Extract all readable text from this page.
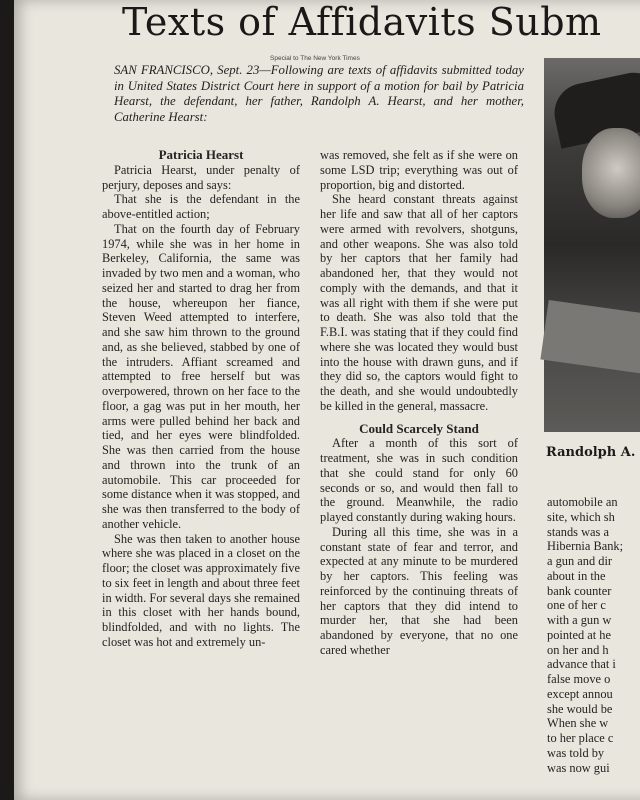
Texts of Affidavits Subm
Special to The New York Times
SAN FRANCISCO, Sept. 23—Following are texts of affidavits submitted today in United States District Court here in support of a motion for bail by Patricia Hearst, the defendant, her father, Randolph A. Hearst, and her mother, Catherine Hearst:

Patricia Hearst

Patricia Hearst, under penalty of perjury, deposes and says:

That she is the defendant in the above-entitled action;

That on the fourth day of February 1974, while she was in her home in Berkeley, California, the same was invaded by two men and a woman, who seized her and started to drag her from the house, whereupon her fiance, Steven Weed attempted to interfere, and she saw him thrown to the ground and, as she believed, stabbed by one of the intruders. Affiant screamed and attempted to free herself but was overpowered, thrown on her face to the floor, a gag was put in her mouth, her arms were pulled behind her back and tied, and her eyes were blindfolded. She was then carried from the house and thrown into the trunk of an automobile. This car proceeded for some distance when it was stopped, and she was then transferred to the body of another vehicle.

She was then taken to another house where she was placed in a closet on the floor; the closet was approximately five to six feet in length and about three feet in width. For several days she remained in this closet with her hands bound, blindfolded, and with no lights. The closet was hot and extremely un-

was removed, she felt as if she were on some LSD trip; everything was out of proportion, big and distorted.

She heard constant threats against her life and saw that all of her captors were armed with revolvers, shotguns, and other weapons. She was also told by her captors that her family had abandoned her, that they would not comply with the demands, and that it was all right with them if she were put to death. She was also told that the F.B.I. was stating that if they could find where she was located they would bust into the house with drawn guns, and if they did so, the captors would fight to the death, and she would undoubtedly be killed in the general, massacre.

Could Scarcely Stand

After a month of this sort of treatment, she was in such condition that she could stand for only 60 seconds or so, and would then fall to the ground. Meanwhile, the radio played constantly during waking hours.

During all this time, she was in a constant state of fear and terror, and expected at any minute to be murdered by her captors. This feeling was reinforced by the continuing threats of her captors that they did intend to murder her, that she had been abandoned by everyone, that no one cared whether

Randolph A.

automobile an

site, which sh

stands was a

Hibernia Bank;

a gun and dir

about in the

bank counter

one of her c

with a gun w

pointed at he

on her and h

advance that i

false move o

except annou

she would be

When she w

to her place c

was told by

was now gui
